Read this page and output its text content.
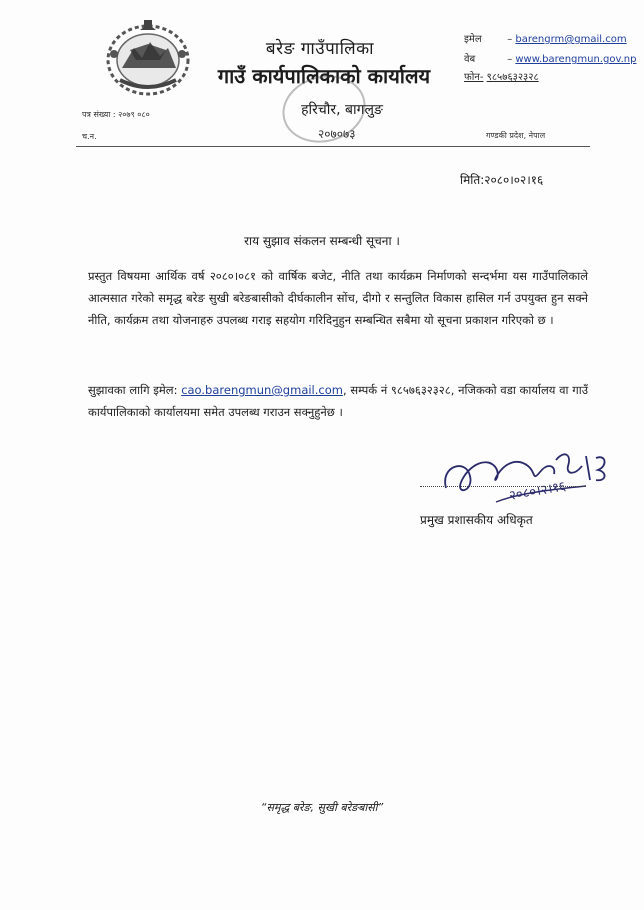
बरेङ गाउँपालिका
गाउँ कार्यपालिकाको कार्यालय
हरिचौर, बागलुङ
इमेल	– barengrm@gmail.com
वेब	– www.barengmun.gov.np
फोन- ९८५७६३२३२८
पत्र संख्या : २०७९ ०८०
च.न.	२०७०७३	गण्डकी प्रदेश, नेपाल
मिति:२०८०।०२।१६
राय सुझाव संकलन सम्बन्धी सूचना ।
प्रस्तुत विषयमा आर्थिक वर्ष २०८०।०८१ को वार्षिक बजेट, नीति तथा कार्यक्रम निर्माणको सन्दर्भमा यस गाउँपालिकाले आत्मसात गरेको समृद्ध बरेङ सुखी बरेङबासीको दीर्घकालीन सोंच, दीगो र सन्तुलित विकास हासिल गर्न उपयुक्त हुन सक्ने नीति, कार्यक्रम तथा योजनाहरु उपलब्ध गराइ सहयोग गरिदिनुहुन सम्बन्धित सबैमा यो सूचना प्रकाशन गरिएको छ ।
सुझावका लागि इमेल: cao.barengmun@gmail.com, सम्पर्क नं ९८५७६३२३२८, नजिकको वडा कार्यालय वा गाउँ कार्यपालिकाको कार्यालयमा समेत उपलब्ध गराउन सक्नुहुनेछ ।
२०८०।२।१६
प्रमुख प्रशासकीय अधिकृत
“समृद्ध बरेङ, सुखी बरेङबासी”
